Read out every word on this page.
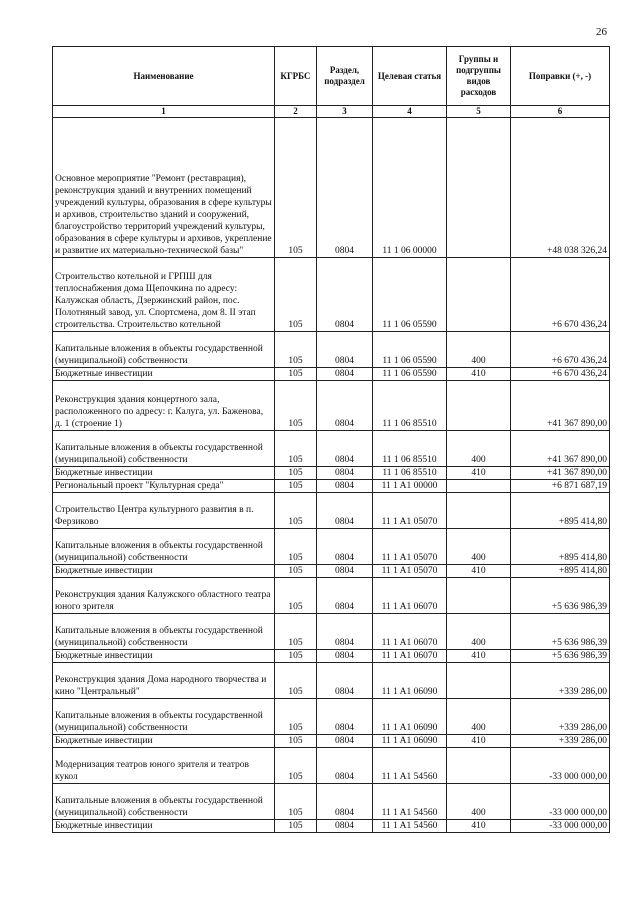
26
Наименование	КГРБС	Раздел, подраздел	Целевая статья	Группы и подгруппы видов расходов	Поправки (+, -)
1	2	3	4	5	6
Основное мероприятие "Ремонт (реставрация), реконструкция зданий и внутренних помещений учреждений культуры, образования в сфере культуры и архивов, строительство зданий и сооружений, благоустройство территорий учреждений культуры, образования в сфере культуры и архивов, укрепление и развитие их материально-технической базы"	105	0804	11 1 06 00000		+48 038 326,24
Строительство котельной и ГРПШ для теплоснабжения дома Щепочкина по адресу: Калужская область, Дзержинский район, пос. Полотняный завод, ул. Спортсмена, дом 8. II этап строительства. Строительство котельной	105	0804	11 1 06 05590		+6 670 436,24
Капитальные вложения в объекты государственной (муниципальной) собственности	105	0804	11 1 06 05590	400	+6 670 436,24
Бюджетные инвестиции	105	0804	11 1 06 05590	410	+6 670 436,24
Реконструкция здания концертного зала, расположенного по адресу: г. Калуга, ул. Баженова, д. 1 (строение 1)	105	0804	11 1 06 85510		+41 367 890,00
Капитальные вложения в объекты государственной (муниципальной) собственности	105	0804	11 1 06 85510	400	+41 367 890,00
Бюджетные инвестиции	105	0804	11 1 06 85510	410	+41 367 890,00
Региональный проект "Культурная среда"	105	0804	11 1 A1 00000		+6 871 687,19
Строительство Центра культурного развития в п. Ферзиково	105	0804	11 1 A1 05070		+895 414,80
Капитальные вложения в объекты государственной (муниципальной) собственности	105	0804	11 1 A1 05070	400	+895 414,80
Бюджетные инвестиции	105	0804	11 1 A1 05070	410	+895 414,80
Реконструкция здания Калужского областного театра юного зрителя	105	0804	11 1 A1 06070		+5 636 986,39
Капитальные вложения в объекты государственной (муниципальной) собственности	105	0804	11 1 A1 06070	400	+5 636 986,39
Бюджетные инвестиции	105	0804	11 1 A1 06070	410	+5 636 986,39
Реконструкция здания Дома народного творчества и кино "Центральный"	105	0804	11 1 A1 06090		+339 286,00
Капитальные вложения в объекты государственной (муниципальной) собственности	105	0804	11 1 A1 06090	400	+339 286,00
Бюджетные инвестиции	105	0804	11 1 A1 06090	410	+339 286,00
Модернизация театров юного зрителя и театров кукол	105	0804	11 1 A1 54560		-33 000 000,00
Капитальные вложения в объекты государственной (муниципальной) собственности	105	0804	11 1 A1 54560	400	-33 000 000,00
Бюджетные инвестиции	105	0804	11 1 A1 54560	410	-33 000 000,00
